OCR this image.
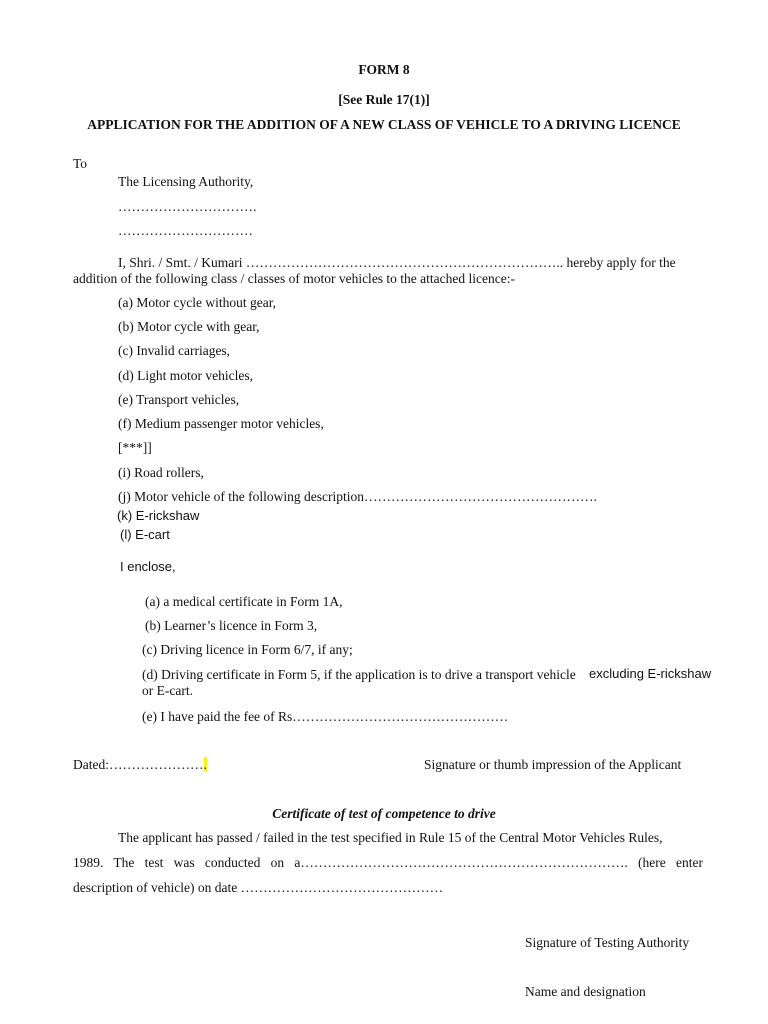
FORM 8
[See Rule 17(1)]
APPLICATION FOR THE ADDITION OF A NEW CLASS OF VEHICLE TO A DRIVING LICENCE
To
The Licensing Authority,
………………………….
…………………………
I, Shri. / Smt. / Kumari …………………………………………………………….. hereby apply for the
addition of the following class / classes of motor vehicles to the attached licence:-
(a) Motor cycle without gear,
(b) Motor cycle with gear,
(c) Invalid carriages,
(d) Light motor vehicles,
(e) Transport vehicles,
(f) Medium passenger motor vehicles,
[***]]
(i) Road rollers,
(j) Motor vehicle of the following description…………………………………………….
(k) E-rickshaw
(l) E-cart
I enclose,
(a) a medical certificate in Form 1A,
(b) Learner’s licence in Form 3,
(c) Driving licence in Form 6/7, if any;
(d) Driving certificate in Form 5, if the application is to drive a transport vehicle excluding E-rickshaw
or E-cart.
(e) I have paid the fee of Rs…………………………………………
Dated:………………….	Signature or thumb impression of the Applicant
Certificate of test of competence to drive
The applicant has passed / failed in the test specified in Rule 15 of the Central Motor Vehicles Rules,
1989. The test was conducted on a………………………………………………………………. (here enter
description of vehicle) on date ………………………………………
Signature of Testing Authority
Name and designation
